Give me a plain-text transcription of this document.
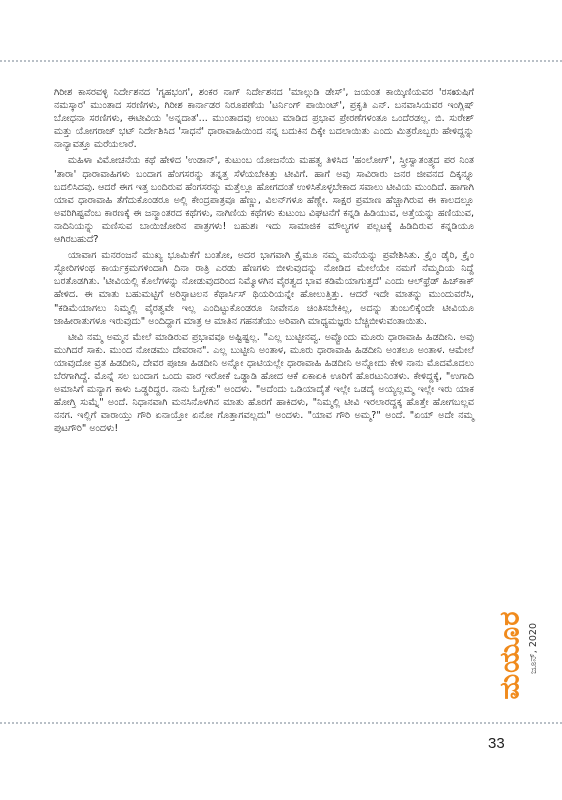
ಗಿರೀಶ ಕಾಸರವಳ್ಳಿ ನಿರ್ದೇಶನದ 'ಗೃಹಭಂಗ', ಶಂಕರ ನಾಗ್ ನಿರ್ದೇಶನದ 'ಮಾಲ್ಗುಡಿ ಡೇಸ್', ಜಯಂತ ಕಾಯ್ಕಿಣಿಯವರ 'ರಸಋಷಿಗೆ ನಮಸ್ಕಾರ' ಮುಂತಾದ ಸರಣಿಗಳು, ಗಿರೀಶ ಕಾರ್ನಾಡರ ನಿರೂಪಣೆಯ 'ಟರ್ನಿಂಗ್ ಪಾಯಿಂಟ್', ಪ್ರಕೃತಿ ಎನ್. ಬನವಾಸಿಯವರ ಇಂಗ್ಲಿಷ್ ಬೋಧನಾ ಸರಣಿಗಳು, ಈಟೀವಿಯ 'ಅನ್ನದಾತ'... ಮುಂತಾದವು ಉಂಟು ಮಾಡಿದ ಪ್ರಭಾವ ಪ್ರೇರಣೆಗಳಂತೂ ಒಂದೆರಡಲ್ಲ. ಬಿ. ಸುರೇಶ್ ಮತ್ತು ಯೋಗರಾಜ್ ಭಟ್ ನಿರ್ದೇಶಿಸಿದ 'ಸಾಧನೆ' ಧಾರಾವಾಹಿಯಿಂದ ನನ್ನ ಬದುಕಿನ ದಿಕ್ಕೇ ಬದಲಾಯಿತು ಎಂದು ಮಿತ್ರರೊಬ್ಬರು ಹೇಳಿದ್ದನ್ನು ನಾನ್ಯಾವತ್ತೂ ಮರೆಯಲಾರೆ.

ಮಹಿಳಾ ವಿಮೋಚನೆಯ ಕಥೆ ಹೇಳಿದ 'ಉಡಾನ್', ಕುಟುಂಬ ಯೋಜನೆಯ ಮಹತ್ವ ತಿಳಿಸಿದ 'ಹಂಲೋಗ್', ಸ್ತ್ರೀಸ್ವಾತಂತ್ರ್ಯದ ಪರ ನಿಂತ 'ತಾರಾ' ಧಾರಾವಾಹಿಗಳು ಬಂದಾಗ ಹೆಂಗಸರನ್ನು ತನ್ನತ್ತ ಸೆಳೆಯಬೇಕಿತ್ತು ಟೀವಿಗೆ. ಹಾಗೆ ಅವು ಸಾವಿರಾರು ಜನರ ಜೀವನದ ದಿಕ್ಕನ್ನೂ ಬದಲಿಸಿದವು. ಆದರೆ ಈಗ ಇತ್ತ ಬಂದಿರುವ ಹೆಂಗಸರನ್ನು ಮತ್ತೆಲ್ಲೂ ಹೋಗದಂತೆ ಉಳಿಸಿಕೊಳ್ಳಬೇಕಾದ ಸವಾಲು ಟೀವಿಯ ಮುಂದಿದೆ. ಹಾಗಾಗಿ ಯಾವ ಧಾರಾವಾಹಿ ತೆಗೆದುಕೊಂಡರೂ ಅಲ್ಲಿ ಕೇಂದ್ರಪಾತ್ರವೂ ಹೆಣ್ಣು, ವಿಲನ್‌ಗಳೂ ಹೆಣ್ಣೇ. ಸಾಕ್ಷರ ಪ್ರಮಾಣ ಹೆಚ್ಚಾಗಿರುವ ಈ ಕಾಲದಲ್ಲೂ ಅವರಿಗಿಷ್ಟವೆಂಬ ಕಾರಣಕ್ಕೆ ಈ ಜನ್ಮಾಂತರದ ಕಥೆಗಳು, ನಾಗಿಣಿಯ ಕಥೆಗಳು ಕುಟುಂಬ ವಿಘಟನೆಗೆ ಕನ್ನಡಿ ಹಿಡಿಯುವ, ಅತ್ತೆಯನ್ನು ಹಣಿಯುವ, ನಾದಿನಿಯನ್ನು ಮಣಿಸುವ ಬಾಯಿಜೋರಿನ ಪಾತ್ರಗಳು! ಬಹುಶಃ ಇದು ಸಾಮಾಜಿಕ ಮೌಲ್ಯಗಳ ಪಲ್ಲಟಕ್ಕೆ ಹಿಡಿದಿರುವ ಕನ್ನಡಿಯೂ ಆಗಿರಬಹುದೆ?

ಯಾವಾಗ ಮನರಂಜನೆ ಮುಖ್ಯ ಭೂಮಿಕೆಗೆ ಬಂತೋ, ಅದರ ಭಾಗವಾಗಿ ಕ್ರೈಮೂ ನಮ್ಮ ಮನೆಯನ್ನು ಪ್ರವೇಶಿಸಿತು. ಕ್ರೈಂ ಡೈರಿ, ಕ್ರೈಂ ಸ್ಟೋರಿಗಳಂಥ ಕಾರ್ಯಕ್ರಮಗಳಿಂದಾಗಿ ದಿನಾ ರಾತ್ರಿ ಎರಡು ಹೆಣಗಳು ಬೀಳುವುದನ್ನು ನೋಡಿದ ಮೇಲೆಯೇ ನಮಗೆ ನೆಮ್ಮದಿಯ ನಿದ್ದೆ ಬರತೊಡಗಿತು. 'ಟೀವಿಯಲ್ಲಿ ಕೊಲೆಗಳನ್ನು ನೋಡುವುದರಿಂದ ನಿಮ್ಮೊಳಗಿನ ವೈರತ್ವದ ಭಾವ ಕಡಿಮೆಯಾಗುತ್ತದೆ' ಎಂದು ಆಲ್‌ಫ್ರೆಡ್ ಹಿಚ್‌ಕಾಕ್ ಹೇಳಿದ. ಈ ಮಾತು ಬಹುಮಟ್ಟಿಗೆ ಅರಿಸ್ಟಾಟಲನ ಕೆಥಾರ್ಸಿಸ್ ಥಿಯರಿಯನ್ನೇ ಹೋಲುತ್ತಿತ್ತು. ಆದರೆ ಇದೇ ಮಾತನ್ನು ಮುಂದುವರೆಸಿ, "ಕಡಿಮೆಯಾಗಲು ನಿಮ್ಮಲ್ಲಿ ವೈರತ್ವವೇ ಇಲ್ಲ ಎಂದಿಟ್ಟುಕೊಂಡರೂ ನೀವೇನೂ ಚಿಂತಿಸಬೇಕಿಲ್ಲ, ಅದನ್ನು ತುಂಬಲಿಕ್ಕೆಂದೇ ಟೀವಿಯೂ ಜಾಹೀರಾತುಗಳೂ ಇರುವುದು" ಅಂದಿದ್ದಾಗ ಮಾತ್ರ ಆ ಮಾತಿನ ಗಹನತೆಯು ಅರಿವಾಗಿ ಮಾಧ್ಯಮಜ್ಞರು ಬೆಚ್ಚಿಬೀಳುವಂತಾಯಿತು.

ಟೀವಿ ನಮ್ಮ ಅಮ್ಮನ ಮೇಲೆ ಮಾಡಿರುವ ಪ್ರಭಾವವೂ ಅಷ್ಟಿಷ್ಟಲ್ಲ. "ಎಲ್ಲ ಬುಟ್ಟೀನವ್ವ. ಅವ್ವೊಂದು ಮೂರು ಧಾರಾವಾಹಿ ಹಿಡದೀನಿ. ಅವು ಮುಗಿದರೆ ಸಾಕು. ಮುಂದ ನೋಡಮು ದೇವರಾನ". ಎಲ್ಲ ಬುಟ್ಟೀನಿ ಅಂತಾಳ, ಮೂರು ಧಾರಾವಾಹಿ ಹಿಡದೀನಿ ಅಂತಲೂ ಅಂತಾಳ. ಆಮೇಲೆ ಯಾವುದೋ ವ್ರತ ಹಿಡದೀನಿ, ದೇವರ ಪೂಜಾ ಹಿಡದೀನಿ ಅನ್ನೋ ಧಾಟಿಯಲ್ಲೇ ಧಾರಾವಾಹಿ ಹಿಡದೀನಿ ಅನ್ನೋದು ಕೇಳಿ ನಾನು ಮೊದಮೊದಲು ಬೆರಗಾಗಿದ್ದೆ. ಮೊನ್ನೆ ಸಲ ಬಂದಾಗ ಒಂದು ವಾರ ಇರೋಕೆ ಒಡ್ಡಾಡಿ ಹೋದ ಆಕೆ ಏಕಾಏಕಿ ಊರಿಗೆ ಹೊರಟುನಿಂತಳು. ಕೇಳಿದ್ದಕ್ಕೆ, "ಉಗಾದಿ ಅಮಾಸಿಗೆ ಮನ್ಯಾಗ ಕಾಳು ಒಡ್ಡರಿದ್ದರ. ನಾನು ಓಗ್ಬೇಕು" ಅಂದಳು. "ಅದೆಂದು ಒಡಿಯಾದೈತೆ ಇಲ್ಲೇ ಒಡದೈ ಅಯ್ಯಲ್ಲಮ್ಮ ಇಲ್ಲೇ ಇರು ಯಾಕ ಹೋಗ್ತಿ ಸುಮ್ನೆ" ಅಂದೆ. ನಿಧಾನವಾಗಿ ಮನಸಿನೊಳಗಿನ ಮಾತು ಹೊರಗೆ ಹಾಕಿದಳು, "ನಿಮ್ಮಲ್ಲಿ ಟೀವಿ ಇರಲಾರದ್ದಕ್ಕ ಹೊತ್ತೇ ಹೋಗಬಲ್ಲವ ನನಗ. ಇಲ್ಲಿಗೆ ವಾರಾಯ್ತು ಗೌರಿ ಏನಾಯ್ತೋ ಏನೋ ಗೊತ್ತಾಗವಲ್ಲದು" ಅಂದಳು. "ಯಾವ ಗೌರಿ ಅಮ್ಮ?" ಅಂದೆ. "ಏಯ್ ಅದೇ ನಮ್ಮ ಪುಟಗೌರಿ" ಅಂದಳು!

ಮಯೂರ ಜೂನ್, 2020
33
